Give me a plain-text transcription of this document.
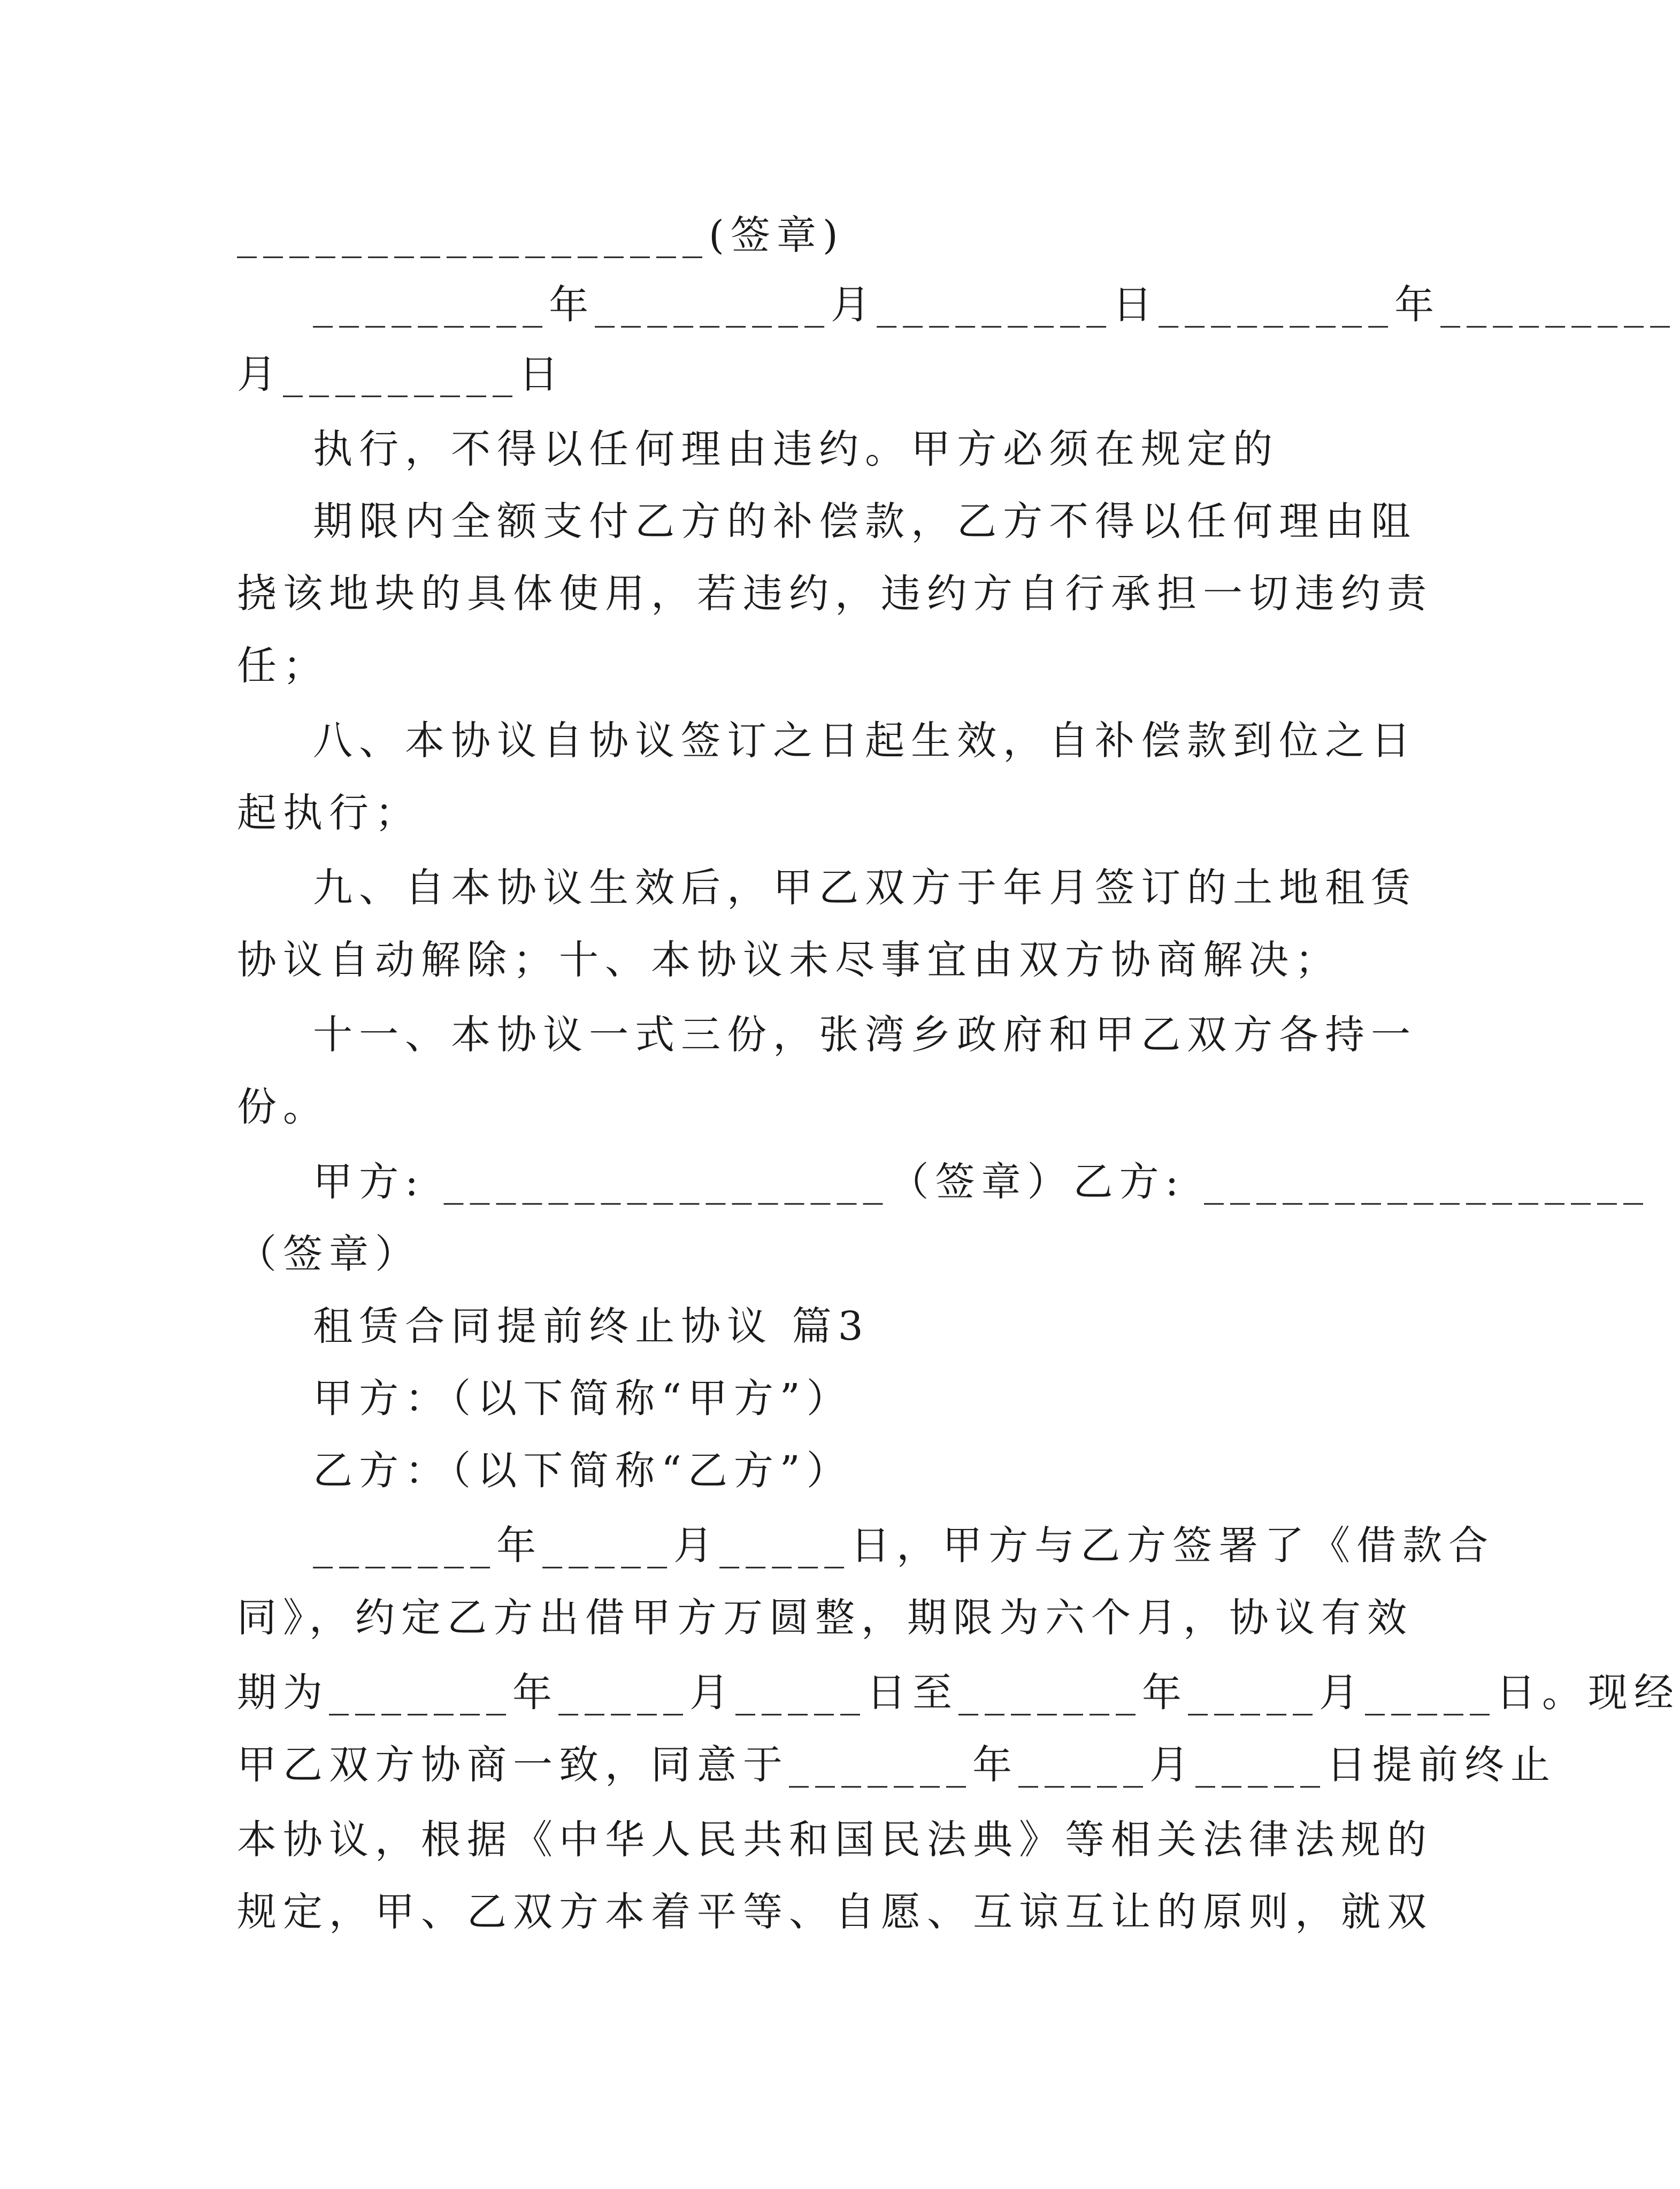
__________________(签章)
_________年_________月_________日_________年_________
月_________日
执行，不得以任何理由违约。甲方必须在规定的
期限内全额支付乙方的补偿款，乙方不得以任何理由阻
挠该地块的具体使用，若违约，违约方自行承担一切违约责
任；
八、本协议自协议签订之日起生效，自补偿款到位之日
起执行；
九、自本协议生效后，甲乙双方于年月签订的土地租赁
协议自动解除；十、本协议未尽事宜由双方协商解决；
十一、本协议一式三份，张湾乡政府和甲乙双方各持一
份。
甲方: _________________（签章）乙方: _________________
（签章）
租赁合同提前终止协议 篇3
甲方：（以下简称“甲方”）
乙方：（以下简称“乙方”）
_______年_____月_____日，甲方与乙方签署了《借款合
同》，约定乙方出借甲方万圆整，期限为六个月，协议有效
期为_______年_____月_____日至_______年_____月_____日。现经
甲乙双方协商一致，同意于_______年_____月_____日提前终止
本协议，根据《中华人民共和国民法典》等相关法律法规的
规定，甲、乙双方本着平等、自愿、互谅互让的原则，就双
